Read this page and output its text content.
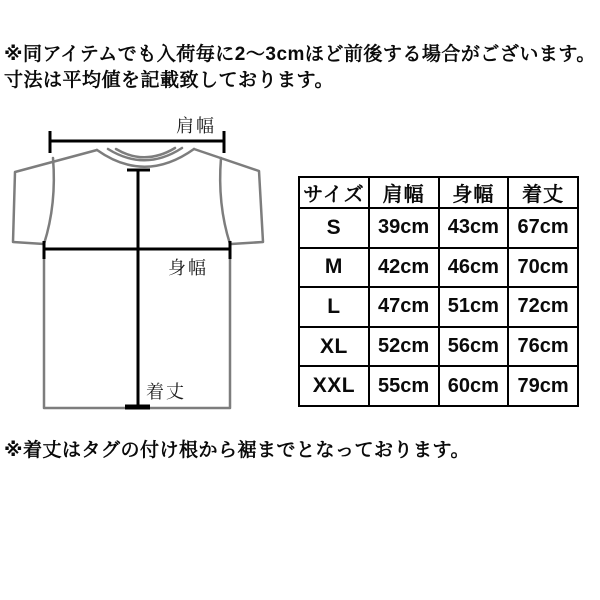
※同アイテムでも入荷毎に2〜3cmほど前後する場合がございます。
寸法は平均値を記載致しております。
肩幅
身幅
着丈
サイズ	肩幅	身幅	着丈
S	39cm	43cm	67cm
M	42cm	46cm	70cm
L	47cm	51cm	72cm
XL	52cm	56cm	76cm
XXL	55cm	60cm	79cm
※着丈はタグの付け根から裾までとなっております。
